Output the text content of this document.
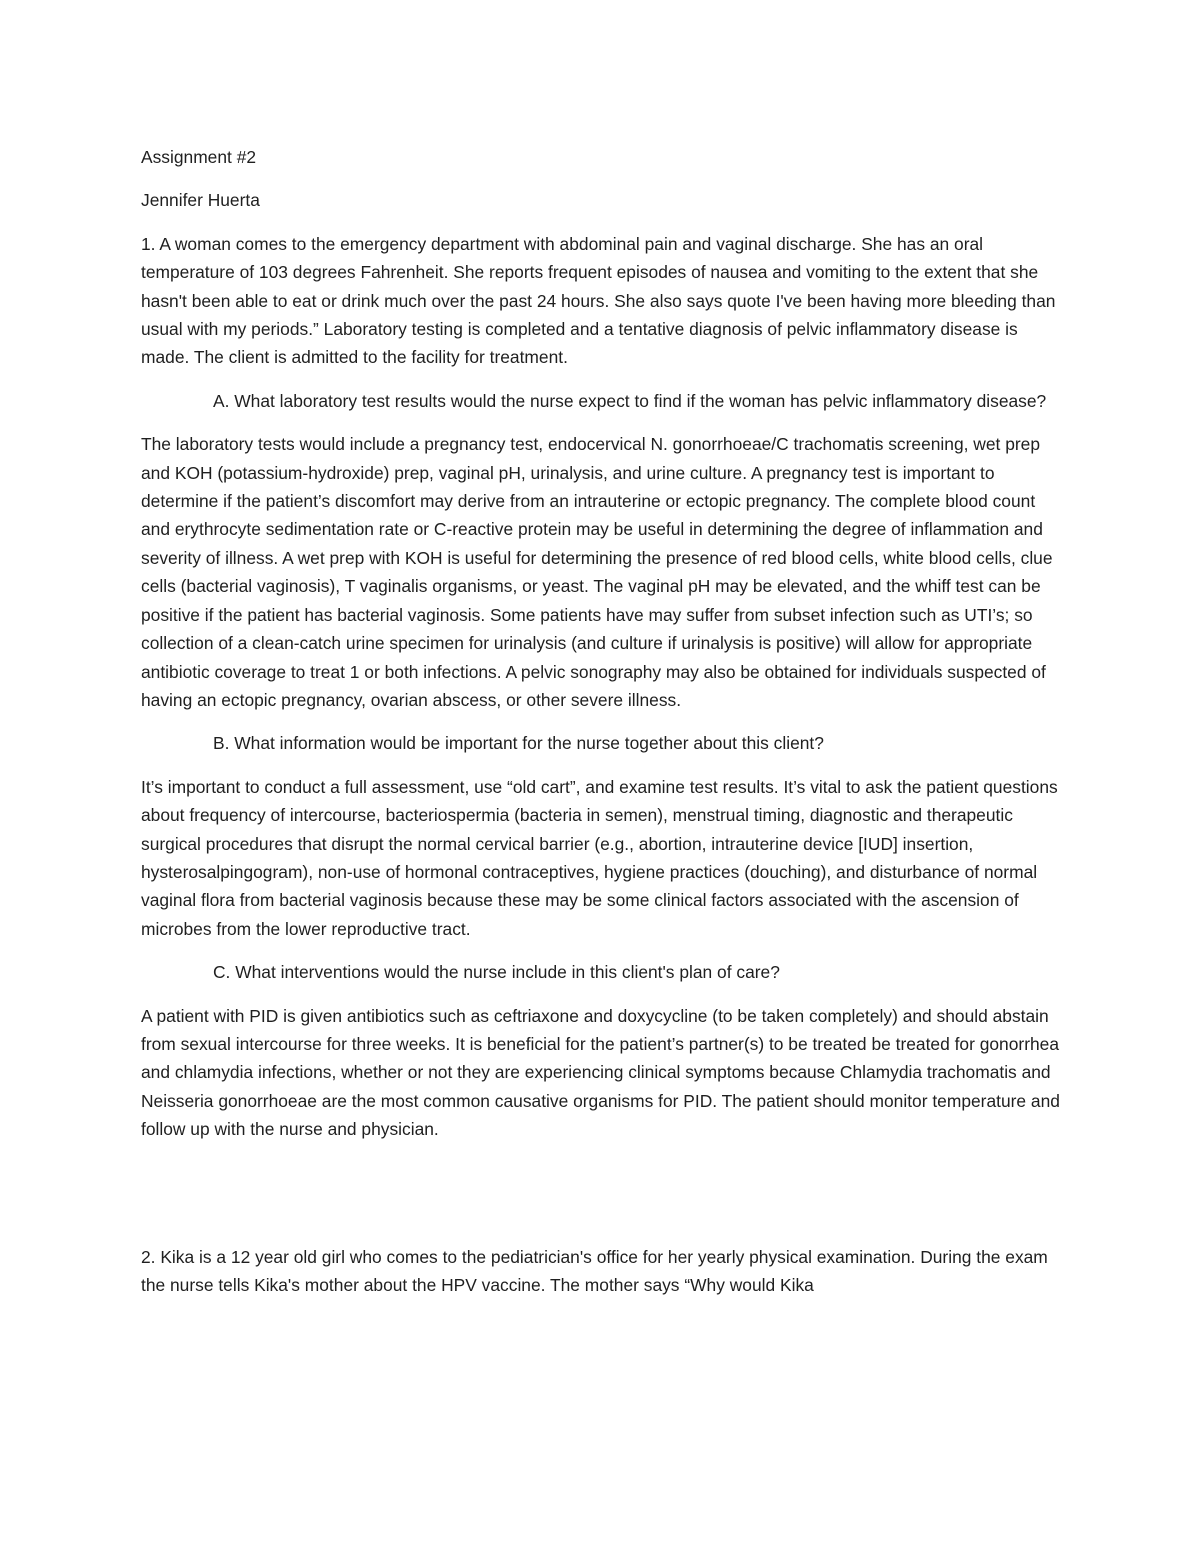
Assignment #2

Jennifer Huerta

1. A woman comes to the emergency department with abdominal pain and vaginal discharge. She has an oral temperature of 103 degrees Fahrenheit. She reports frequent episodes of nausea and vomiting to the extent that she hasn't been able to eat or drink much over the past 24 hours. She also says quote I've been having more bleeding than usual with my periods.” Laboratory testing is completed and a tentative diagnosis of pelvic inflammatory disease is made. The client is admitted to the facility for treatment.

A. What laboratory test results would the nurse expect to find if the woman has pelvic inflammatory disease?

The laboratory tests would include a pregnancy test, endocervical N. gonorrhoeae/C trachomatis screening, wet prep and KOH (potassium-hydroxide) prep, vaginal pH, urinalysis, and urine culture. A pregnancy test is important to determine if the patient’s discomfort may derive from an intrauterine or ectopic pregnancy. The complete blood count and erythrocyte sedimentation rate or C-reactive protein may be useful in determining the degree of inflammation and severity of illness. A wet prep with KOH is useful for determining the presence of red blood cells, white blood cells, clue cells (bacterial vaginosis), T vaginalis organisms, or yeast. The vaginal pH may be elevated, and the whiff test can be positive if the patient has bacterial vaginosis. Some patients have may suffer from subset infection such as UTI’s; so collection of a clean-catch urine specimen for urinalysis (and culture if urinalysis is positive) will allow for appropriate antibiotic coverage to treat 1 or both infections. A pelvic sonography may also be obtained for individuals suspected of having an ectopic pregnancy, ovarian abscess, or other severe illness.

B. What information would be important for the nurse together about this client?

It’s important to conduct a full assessment, use “old cart”, and examine test results. It’s vital to ask the patient questions about frequency of intercourse, bacteriospermia (bacteria in semen), menstrual timing, diagnostic and therapeutic surgical procedures that disrupt the normal cervical barrier (e.g., abortion, intrauterine device [IUD] insertion, hysterosalpingogram), non-use of hormonal contraceptives, hygiene practices (douching), and disturbance of normal vaginal flora from bacterial vaginosis because these may be some clinical factors associated with the ascension of microbes from the lower reproductive tract.

C. What interventions would the nurse include in this client's plan of care?

A patient with PID is given antibiotics such as ceftriaxone and doxycycline (to be taken completely) and should abstain from sexual intercourse for three weeks. It is beneficial for the patient’s partner(s) to be treated be treated for gonorrhea and chlamydia infections, whether or not they are experiencing clinical symptoms because Chlamydia trachomatis and Neisseria gonorrhoeae are the most common causative organisms for PID. The patient should monitor temperature and follow up with the nurse and physician.

2. Kika is a 12 year old girl who comes to the pediatrician's office for her yearly physical examination. During the exam the nurse tells Kika's mother about the HPV vaccine. The mother says “Why would Kika
